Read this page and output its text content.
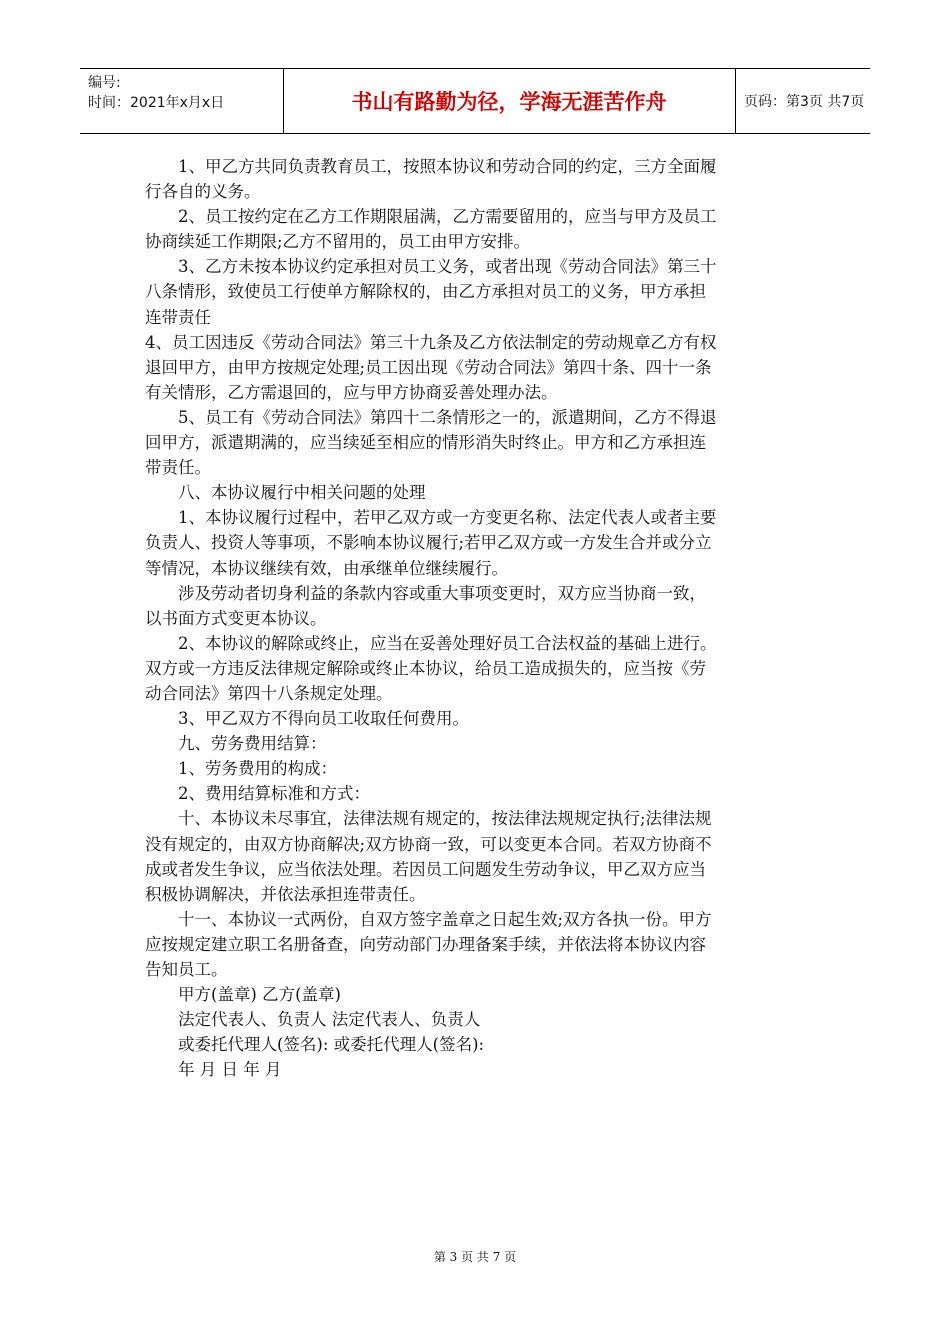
编号:
时间：2021年x月x日	书山有路勤为径，学海无涯苦作舟	页码：第3页 共7页
1、甲乙方共同负责教育员工，按照本协议和劳动合同的约定，三方全面履
行各自的义务。
2、员工按约定在乙方工作期限届满，乙方需要留用的，应当与甲方及员工
协商续延工作期限;乙方不留用的，员工由甲方安排。
3、乙方未按本协议约定承担对员工义务，或者出现《劳动合同法》第三十
八条情形，致使员工行使单方解除权的，由乙方承担对员工的义务，甲方承担
连带责任
4、员工因违反《劳动合同法》第三十九条及乙方依法制定的劳动规章乙方有权
退回甲方，由甲方按规定处理;员工因出现《劳动合同法》第四十条、四十一条
有关情形，乙方需退回的，应与甲方协商妥善处理办法。
5、员工有《劳动合同法》第四十二条情形之一的，派遣期间，乙方不得退
回甲方，派遣期满的，应当续延至相应的情形消失时终止。甲方和乙方承担连
带责任。
八、本协议履行中相关问题的处理
1、本协议履行过程中，若甲乙双方或一方变更名称、法定代表人或者主要
负责人、投资人等事项，不影响本协议履行;若甲乙双方或一方发生合并或分立
等情况，本协议继续有效，由承继单位继续履行。
涉及劳动者切身利益的条款内容或重大事项变更时，双方应当协商一致，
以书面方式变更本协议。
2、本协议的解除或终止，应当在妥善处理好员工合法权益的基础上进行。
双方或一方违反法律规定解除或终止本协议，给员工造成损失的，应当按《劳
动合同法》第四十八条规定处理。
3、甲乙双方不得向员工收取任何费用。
九、劳务费用结算：
1、劳务费用的构成：
2、费用结算标准和方式：
十、本协议未尽事宜，法律法规有规定的，按法律法规规定执行;法律法规
没有规定的，由双方协商解决;双方协商一致，可以变更本合同。若双方协商不
成或者发生争议，应当依法处理。若因员工问题发生劳动争议，甲乙双方应当
积极协调解决，并依法承担连带责任。
十一、本协议一式两份，自双方签字盖章之日起生效;双方各执一份。甲方
应按规定建立职工名册备查，向劳动部门办理备案手续，并依法将本协议内容
告知员工。
甲方(盖章) 乙方(盖章)
法定代表人、负责人 法定代表人、负责人
或委托代理人(签名): 或委托代理人(签名):
年 月 日 年 月
第 3 页 共 7 页
